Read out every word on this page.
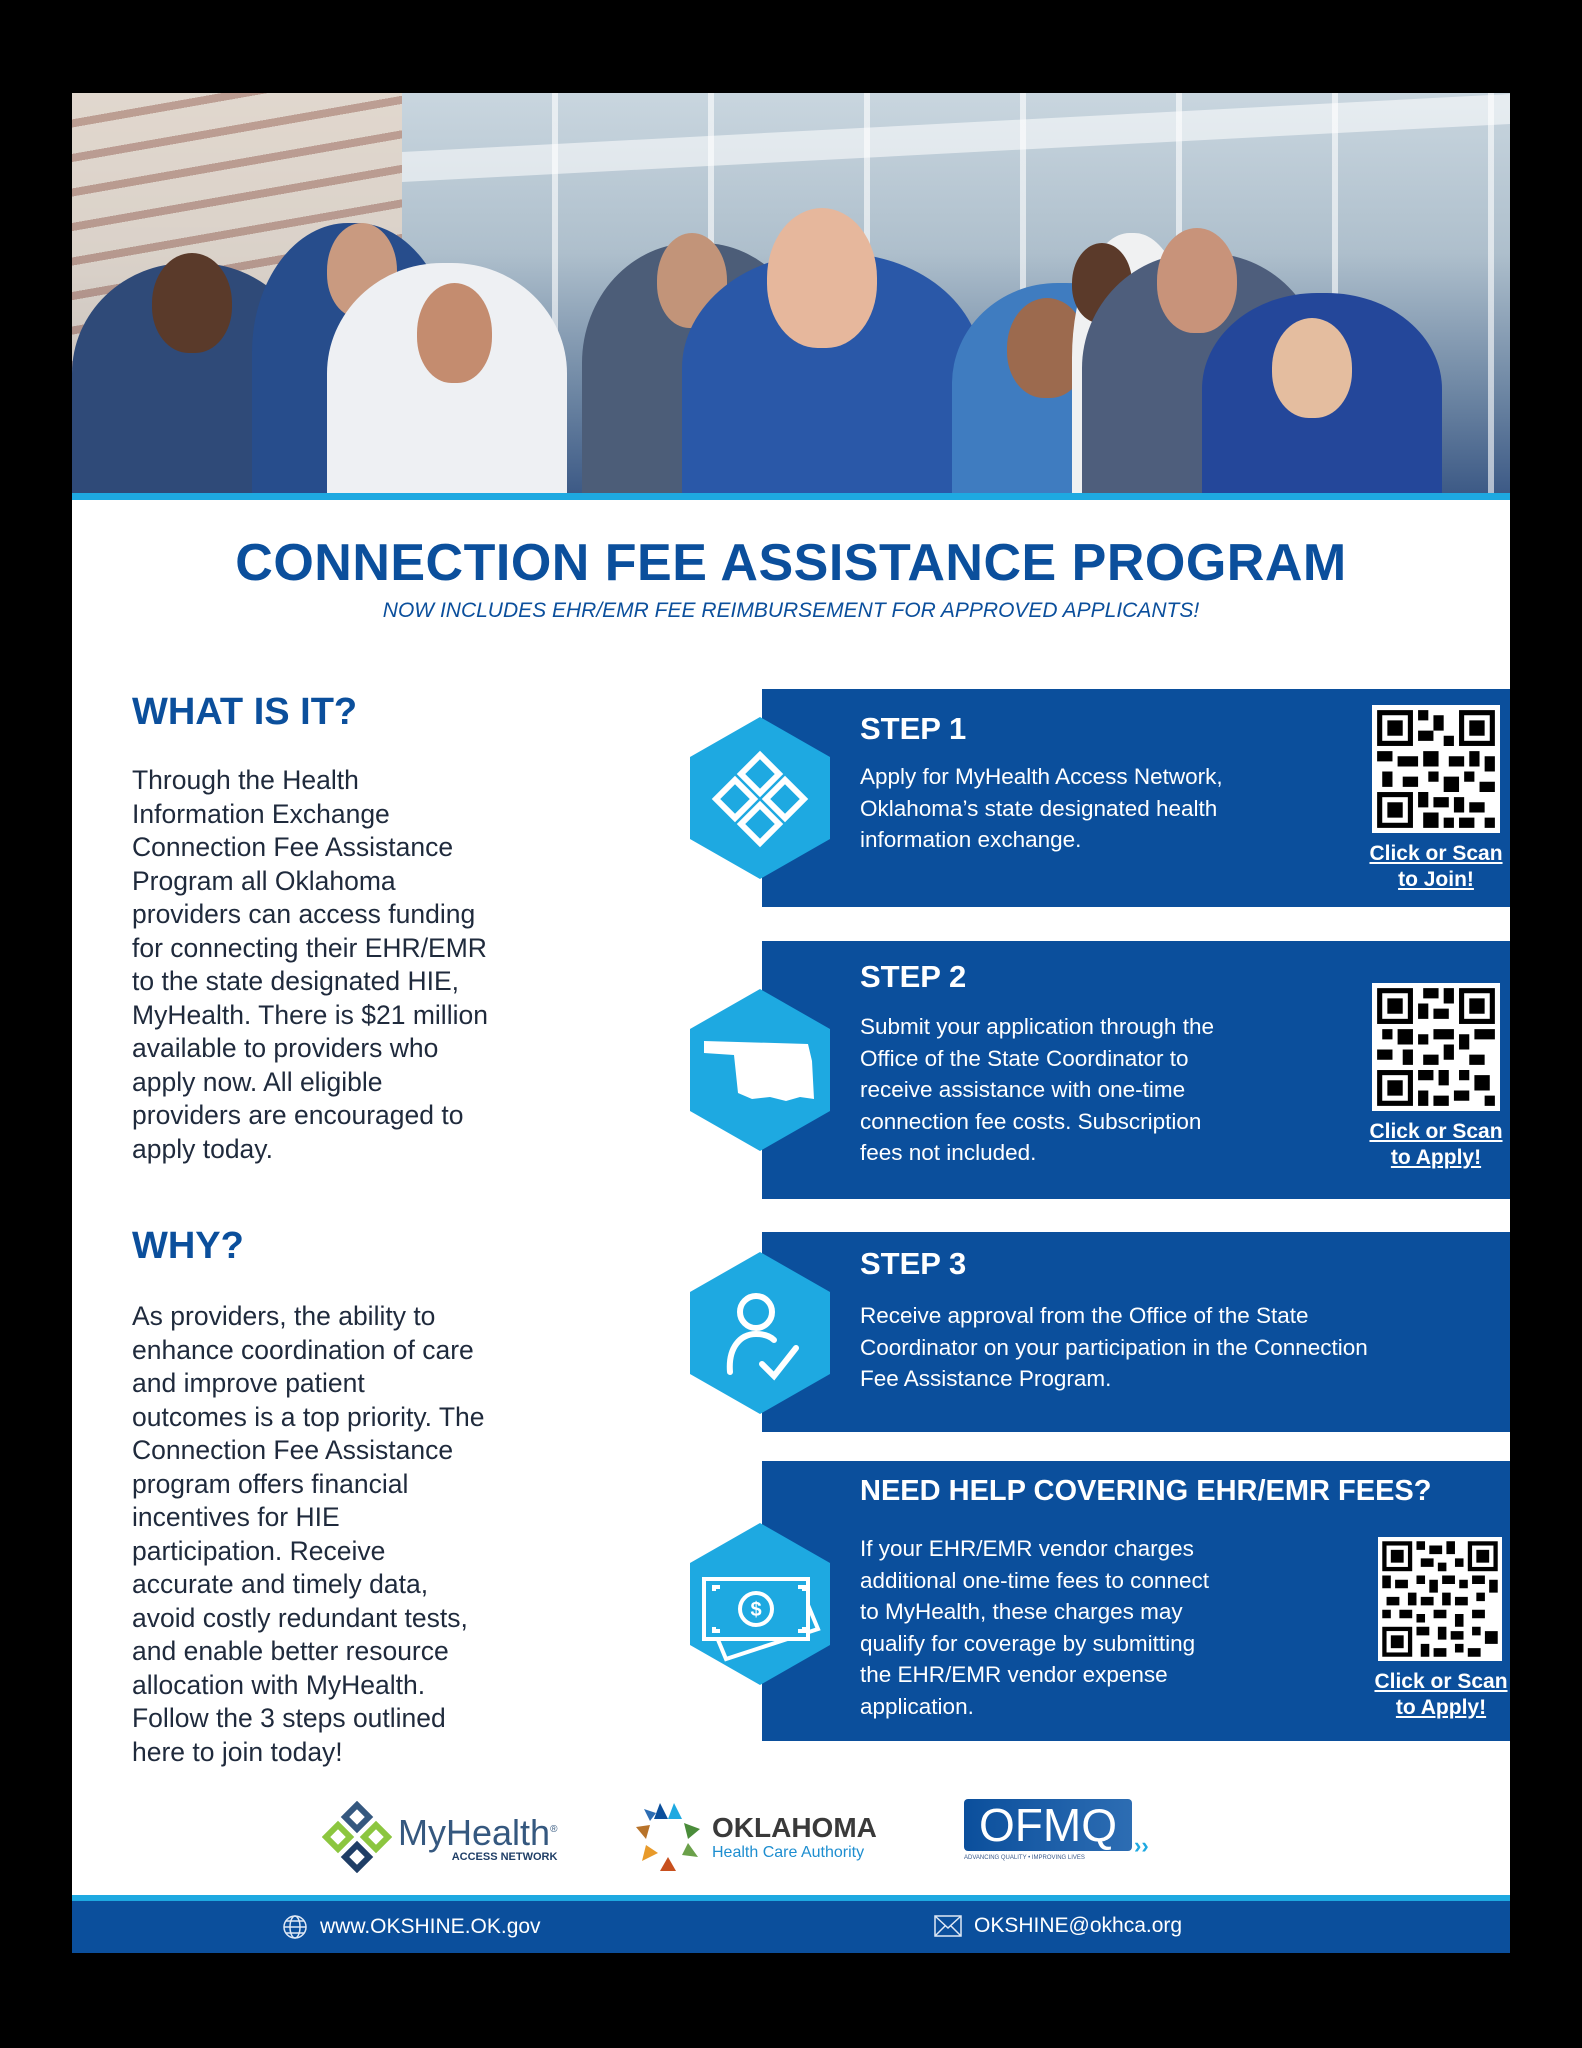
CONNECTION FEE ASSISTANCE PROGRAM
NOW INCLUDES EHR/EMR FEE REIMBURSEMENT FOR APPROVED APPLICANTS!
WHAT IS IT?

Through the Health
Information Exchange
Connection Fee Assistance
Program all Oklahoma
providers can access funding
for connecting their EHR/EMR
to the state designated HIE,
MyHealth. There is $21 million
available to providers who
apply now. All eligible
providers are encouraged to
apply today.

WHY?

As providers, the ability to
enhance coordination of care
and improve patient
outcomes is a top priority. The
Connection Fee Assistance
program offers financial
incentives for HIE
participation. Receive
accurate and timely data,
avoid costly redundant tests,
and enable better resource
allocation with MyHealth.
Follow the 3 steps outlined
here to join today!

STEP 1

Apply for MyHealth Access Network,
Oklahoma’s state designated health
information exchange.

Click or Scan
to Join!
STEP 2

Submit your application through the
Office of the State Coordinator to
receive assistance with one-time
connection fee costs. Subscription
fees not included.

Click or Scan
to Apply!
STEP 3

Receive approval from the Office of the State
Coordinator on your participation in the Connection
Fee Assistance Program.

$
NEED HELP COVERING EHR/EMR FEES?

If your EHR/EMR vendor charges
additional one-time fees to connect
to MyHealth, these charges may
qualify for coverage by submitting
the EHR/EMR vendor expense
application.

Click or Scan
to Apply!
MyHealth®
ACCESS NETWORK
OKLAHOMA
Health Care Authority
OFMQ
ADVANCING QUALITY • IMPROVING LIVES	››
www.OKSHINE.OK.gov	OKSHINE@okhca.org
